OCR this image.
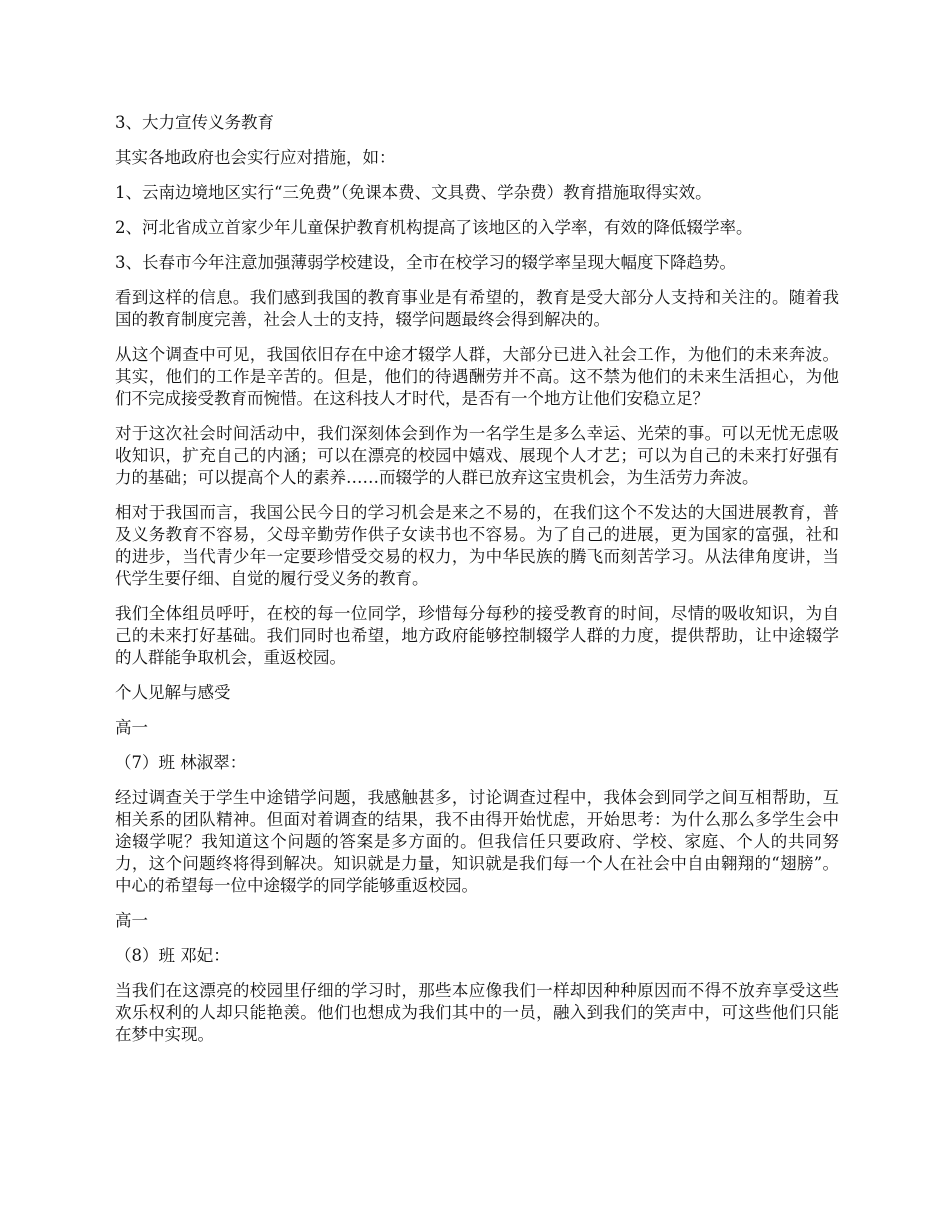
3、大力宣传义务教育

其实各地政府也会实行应对措施，如：

1、云南边境地区实行“三免费”（免课本费、文具费、学杂费）教育措施取得实效。

2、河北省成立首家少年儿童保护教育机构提高了该地区的入学率，有效的降低辍学率。

3、长春市今年注意加强薄弱学校建设，全市在校学习的辍学率呈现大幅度下降趋势。

看到这样的信息。我们感到我国的教育事业是有希望的，教育是受大部分人支持和关注的。随着我国的教育制度完善，社会人士的支持，辍学问题最终会得到解决的。

从这个调查中可见，我国依旧存在中途才辍学人群，大部分已进入社会工作，为他们的未来奔波。其实，他们的工作是辛苦的。但是，他们的待遇酬劳并不高。这不禁为他们的未来生活担心，为他们不完成接受教育而惋惜。在这科技人才时代，是否有一个地方让他们安稳立足？

对于这次社会时间活动中，我们深刻体会到作为一名学生是多么幸运、光荣的事。可以无忧无虑吸收知识，扩充自己的内涵；可以在漂亮的校园中嬉戏、展现个人才艺；可以为自己的未来打好强有力的基础；可以提高个人的素养……而辍学的人群已放弃这宝贵机会，为生活劳力奔波。

相对于我国而言，我国公民今日的学习机会是来之不易的，在我们这个不发达的大国进展教育，普及义务教育不容易，父母辛勤劳作供子女读书也不容易。为了自己的进展，更为国家的富强，社和的进步，当代青少年一定要珍惜受交易的权力，为中华民族的腾飞而刻苦学习。从法律角度讲，当代学生要仔细、自觉的履行受义务的教育。

我们全体组员呼吁，在校的每一位同学，珍惜每分每秒的接受教育的时间，尽情的吸收知识，为自己的未来打好基础。我们同时也希望，地方政府能够控制辍学人群的力度，提供帮助，让中途辍学的人群能争取机会，重返校园。

个人见解与感受

高一

（7）班 林淑翠：

经过调查关于学生中途错学问题，我感触甚多，讨论调查过程中，我体会到同学之间互相帮助，互相关系的团队精神。但面对着调查的结果，我不由得开始忧虑，开始思考：为什么那么多学生会中途辍学呢？我知道这个问题的答案是多方面的。但我信任只要政府、学校、家庭、个人的共同努力，这个问题终将得到解决。知识就是力量，知识就是我们每一个人在社会中自由翱翔的“翅膀”。中心的希望每一位中途辍学的同学能够重返校园。

高一

（8）班 邓妃：

当我们在这漂亮的校园里仔细的学习时，那些本应像我们一样却因种种原因而不得不放弃享受这些欢乐权利的人却只能艳羡。他们也想成为我们其中的一员，融入到我们的笑声中，可这些他们只能在梦中实现。
